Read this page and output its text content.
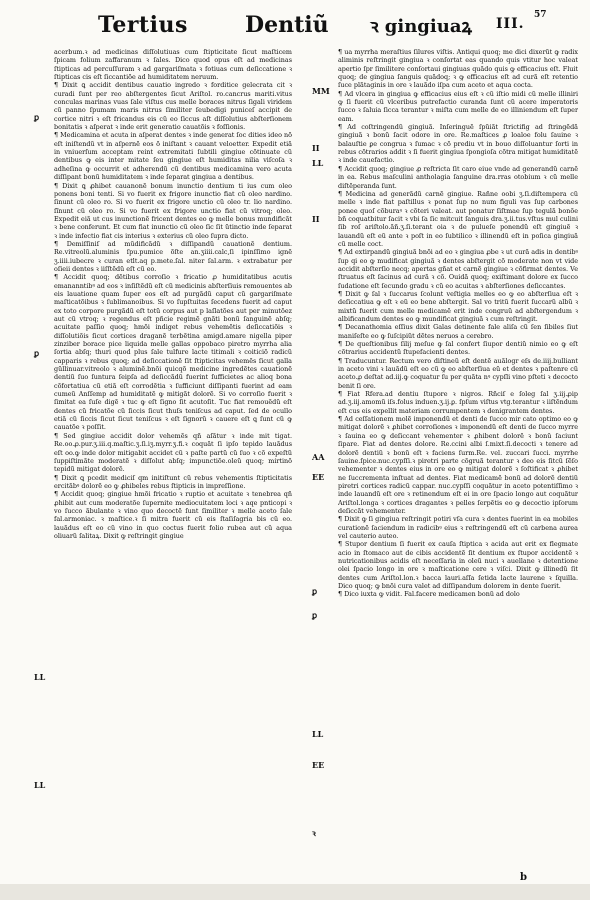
Tertius	Dentiũ ꝛ gingiuaꝝ III.
57
ꝑ
ꝑ
LL
LL
MM
II
LL
II
AA
EE
ꝑ
ꝑ
LL
EE
ꝛ

acerbum.ꝛ ad medicinas diſſolutiuas cum ſtipticitate ſicut maſticem ſpicam folium zaffaranum ꝛ ſales. Dico quod opus eſt ad medicinas ſtipticas ad percuſſuram ꝛ ad gargariſmata ꝛ fotiuas cum deſiccatione ꝛ ſtipticas cis eſt ſiccantiõe ad humiditatem neruum.

¶ Dixit ꝗ accidit dentibus cauatio ingredo ꝛ forditice gelecrata cit ꝛ curadi ſunt per reo abſtergentes ſicut Ariſtol. ro.cancrus mariti.vitus conculas marinas vuas ſale viſtus cus melle boraces nitrus ſigali viridem cũ panno ſpumam maris nitrus ſimiliter ſeubedigi puniceſ accipit de cortice nitri ꝛ eſt fricandus eis cũ eo ſiccus aſt diſſolutius abſterſionem bonitatis ꝛ aſperat ꝛ inde erit generatio cauatõis ꝛ foſſionis.

¶ Medicamina et acuta in aſperat dentes ꝛ inde generat ſoc dities ideo nõ eſt iniſtendũ vt in aſpernẽ eos õ iniſtant ꝛ cauant veloetter. Expedit etiã in vniuerſum acceptam reint extremitati ſubtili gingiue cõtinuate cũ dentibus ꝙ eis inter mitate ſeu gingiue eſt humiditas nilia viſcoſa ꝛ adheſina ꝙ occurrit et adherendũ cũ dentibus medicamina vero acuta diſſipant bonũ humiditatem ꝛ inde ſeparat gingiua a dentibus.

¶ Dixit ꝗ ꝓhibet cauanonẽ bonum inunctio dentium ti ius cum oleo ponens boni tenti. Si vo fuerit ex frigore inunctio fiat cũ oleo nardino. ſinunt cũ oleo ro. Si vo fuerit ex frigore unctio cũ oleo tr. lio nardino. ſĩnunt cũ oleo ro. Si vo fuerit ex frigore unctio fiat cũ vitroq; oleo. Expedit eiã ut cus inunctionẽ fricent dentes eo ꝙ melle bonus mundificãt ꝛ bene conferunt. Et cum fiat inunctio cũ oleo ſic ſit ũtinctio inde ſeparat ꝛ inde infectio fiat cis interius ꝛ exterius cũ oleo ſupra dicto.

¶ Demiſſiniſ ad mũdificãdũ ꝛ diſſipandũ cauationẽ dentium. Re.vitreolũ.aluminis ſpu.pumice õſte an.ʒiiii.calc,ſi ipinſſimo ignẽ ʒ.iiii.iubecre ꝛ curan etlt.aq p.mete.ſal. niter ſal.arm. ꝛ extrabatur per oſieii dentes ꝛ iiſſtẽdũ eſt cũ eo.

¶ Accidit quoq; dẽtibus corroſio ꝛ fricatio ꝓ humiditatibus acutis emananntibꝰ ad eos ꝛ inſiſtẽdũ eſt cũ medicinis abſterſiuis remouentes ab eis lauatione quam ſuper eos eſt ad purgãdũ caput cũ gargariſmate maſticatõibus ꝛ ſublimanoibus. Si vo ſupſtuitas ſecedens fuerit ad caput ex toto corpore purgãdũ eſt totũ corpus aut p laſlatões aut per minutõez aut cũ vtroq; ꝛ regendus eſt pñcie regimẽ gnãti bonũ ſanguinẽ abſq; acuitate paſſio quoq; hmõi indiget rebus vehemẽtis deſiccatiõis ꝛ diſſolutiõis ſicut cortices draganẽ terbẽtina amigd.amare nigella piper zinziber borace pice liquida melle gallas oppobaco piretro myrrha alia ſortia abſq; thuri quod plus ſale tulfure lacte titimali ꝛ coiticiõ radicũ capparis ꝛ rebus quoq; ad deſiccationẽ ſit ſtipticitas vehemẽs ſicut galla gũllinuar.vitreolo ꝛ aluminẽ.bnõi quicqõ medicine ingredẽtes cauationẽ dentiũ ſuo ſuntura ſeipſa ad deſiccãdũ fuerint ſufficietes ac alioq bona cõfortatiua cũ etiã eſt corrodẽtia ꝛ ſufficiunt diſſipanti fuerint ad eam cumeũ Anſſemp ad humiditatẽ ꝙ mitigãt dolorẽ. Si vo corroſio fuerit ꝛ ſimitat ea ſuſe digẽ ꝛ tuc ꝙ eſt ſigno ſit acutoſit. Tuc fiat remouẽdũ eſt dentes cũ fricatõe cũ ſiccis ſicut thuſs teniſcus ad caput. ſed de ocullo etiã cũ ſiccis ſicut ſicut teniſcus ꝛ eſt ſignorũ ꝛ cauere eſt ꝗ ſunt cũ ꝙ cauatõe ꝛ poſſit.

¶ Sed gingiue accidit dolor vehemẽs qñ aſãtur ꝛ inde mit tigat. Re.oo.ꝓ.pur.ʒ.iii.q.maſtic.ʒ.ſi.iʒ.myrr.ʒ.fi.ꝛ coquãt ſi ipſo tepido lauãdus eſt oo.ꝙ inde dolor mitigabit accidet cũ ꝛ paſte partũ cũ ſuo ꝛ cõ expeſtũ ſuppiſtimãte moderatẽ ꝛ diſſolut abſq; impunctiõe.oleũ quoq; mirtinõ tepidũ mitigat dolorẽ.

¶ Dixit ꝗ pcedit mediciſ qm initiſtunt cũ rebus vehementis ſtipticitatis ercitãbꝰ dolorẽ eo ꝙ ꝓhibeles rebus ſtipticis in impreſſione.

¶ Accidit quoq; gingiue hmõi fricatio ꝛ ruptio et acuitate ꝛ tenebrea qñ ꝓhibit aut cum moderatõe ſupernite mediocuitatem loci ꝛ aqe pnticopi ꝛ vo ſucco ãbulante ꝛ vino quo decoctẽ ſunt ſimiliter ꝛ melle aceto ſale fal.armoniac. ꝛ maſtice.ꝛ ſi mitra fuerit cũ eis ſtaſiſagria bis cũ eo. lauãdus eſt eo cũ vino in quo coctus fuerit folio rubea aut cũ aqua oliuarũ ſalitaꝝ. Dixit ꝙ reſtringit gingiue

¶ ua myrrha meraſtius ſilures viſtis. Antiqui quoq; me dici dixerũt ꝙ radix aliminis reſtringit gingiua ꝛ conſortat eas quando quis vtitur hoc valeat apertio ſpr ſimilitere conſortaui gingiuas quãdo quis ꝙ efficacius eſt. Fluit quoq; de gingiua ſanguis quãdoq; ꝛ ꝙ efficacius eſt ad curã eſt retentio ſuce plãtaginis in ore ꝛ lauãdo iſpa cum aceto et aqua cocta.

¶ Ad vlcera in gingiua ꝙ efficacius eius eſt ꝛ cũ iſtio midi cũ melle illiniri ꝙ ſi fuerit cũ vlceribus putrefactio curanda ſunt cũ acere imperatoris ſucco ꝛ ſaluia ſicca terantur ꝛ miſta cum melle de eo illiniendum eſt ſuper eam.

¶ Ad coſtringendũ gingiuã. Inſeringuẽ ſpũiãt ſtrictifig ad ſtringẽdã gingiuã ꝛ bonũ ſacit odore in ore. Re.maſtices ꝓ loaloe folu ſauine ꝛ balauſtie ꝑe congrua ꝛ ſumac ꝛ cõ prediu vt in bouo diſſoluantur ſorti in rebus cõtrarios addit ꝛ ſi fuerit gingiua ſpongioſa cõtra mitigat humiditatẽ ꝛ inde cauefactio.

¶ Accidit quoq; gingiue ꝓ reſtricta ſit caro eiue vnde ad generandũ carnẽ in ea. Rebus maſculini antholagia ſanguine dra.rras otobium ꝛ cũ melle diſtẽperanda ſunt.

¶ Medicina ad generãdũ carnẽ gingiue. Rañne oobi ʒ.ſi.diſtempera cũ melle ꝛ inde fiat paſtillus ꝛ ponat ſup no num figuli vas ſup carbones ponee quoſ cõburaꝰ ꝛ cõteri valeat. aut ponatur ſiſtmae ſup tegulã bonõe bñ coquatbitur ſacit ꝛ vbi ſa ſic mitcuit ſanguis dra.ʒ.ii.tus.vſtus mul culini ſib roſ ariſtolo.ãñ.ʒ.ſi.terant oia ꝛ de pulueſe ponendũ eſt gingiuẽ ꝛ lauandũ eſt eũ ante ꝛ poſt in eo ſubtilico ꝛ illinendũ eſt in poſica gingiuã cũ melle coct.

¶ Ad extirpandũ gingiuã bnõi ad eo ꝛ gingiua ꝓbe ꝛ ut curã adis in dentibꝰ ſup qi eo ꝙ mudificat gingiuã ꝛ dentes abſtergit cõ moderate non vt vide accidit abſterſio necq; apertas gñat et carnẽ gingiue ꝛ cõfirmat dentes. Ve ſtruatus eſt ſacinus ad curã ꝛ cõ. Ouidã quoq; exiſtimant dolore ex ſucco ſudatione eſt ſecundo gradu ꝛ cũ eo acuitas ꝛ abſterſiones deſiccantes.

¶ Dixit ꝙ ſal ꝛ ſuccarus ſcolunt veſtigia melles eo ꝙ eo abſterſiua eſt ꝛ deſiccatiua ꝙ eſt ꝛ eũ eo bene abſtergit. Sal vo tritũ fuerit ſuccarũ albũ ꝛ mixtũ fuerit cum melle medicamẽ erit inde congruũ ad abſtergendum ꝛ albificandum dentes eo ꝙ mundificat gingiuã ꝛ cum reſtringit.

¶ Decanathomia eſſius dixit Galas detinente fale aliſa cũ ſen ſibiles ſiut maniſeſte eo ꝙ ſuſcipiũt dẽtes neruos a cerebro.

¶ De queſtionibus ſilij meſue ꝙ ſal confert ſiupor dentiũ nimio eo ꝙ eſt cõtrarius accidentũ ſtupefacienti dentes.

¶ Traducuntur. Rectum vero diſtineũ eſt dentẽ auãlogr eſs de.iiij.bulliant in aceto vini ꝛ lauãdũ eſt eo cũ ꝙ eo abſterſiua eũ et dentes ꝛ paſtenre cũ aceto.ꝓ deſtat ad.iij.ꝙ coquatur ſu per quãta nꝰ cypſli vino pſteti ꝛ decocto benit ſi ore.

¶ Fiat Rfera.ad dentiu ſtupore ꝛ nigros. Rñciſ e ſoleg ſal ʒ.iij.ꝓip ad.ʒ.iij.amomũ iſs.folus induen.ʒ.ij.ꝑ. ſpſum viſtus vtg.terantur ꝛ iiſtẽndum eſt cus eis expellit materiam corrumpentem ꝛ denigrantem dentes.

¶ Ad ceſſationem molẽ imponendũ et denti de ſucco mir cato optimo eo ꝙ mitigat dolorẽ ꝛ ꝓhibet corroſiones ꝛ imponendũ eſt denti de ſucco myrre ꝛ ſauina eo ꝙ deſiccant vehementer ꝛ ꝓhibent dolorẽ ꝛ bonũ ſaciunt ſipare. Fiat ad dentes dolore. Re.ccini albi ſ.mixt.ſi.decocti ꝛ tenere ad dolorẽ dentiũ ꝛ bonũ eſt ꝛ faciens ſurm.Re. vel. zuccari ſucci. myrrhe ſauine.ſpice.nuc.cypſſi.ꝛ piretri parte cõgruã terantur ꝛ deo eis ſitcũ ſẽſo vehementer ꝛ dentes eius in ore eo ꝙ mitigat dolorẽ ꝛ ſoſtificat ꝛ ꝓhibet ne ſuccrementa inſtuat ad dentes. Fiat medicamẽ bonũ ad dolorẽ dentiũ piretri cortices radicũ cappar. nuc.cypſſi coquãtur in aceto potentiſſimo ꝛ inde lauandũ eſt ore ꝛ retinendum eſt ei in ore ſpacio longo aut coquãtur Ariſtol.longa ꝛ cortices dragantes ꝛ pelles ſerpẽtis eo ꝙ decoctio ipſorum deſiccãt vehementer.

¶ Dixit ꝙ ſi gingiua reſtringit potiri vſa cura ꝛ dentes fuerint in ea mobiles curationẽ ſaciendum in radicibꝰ eius ꝛ reſtringendũ eſt cũ carbena aurea vel cauterio auteo.

¶ Stupor dentium ſi fuerit ex cauſa ſtiptica ꝛ acida aut erit ex flegmate acio in ſtomaco aut de cibis accidentẽ ſit dentium ex ſtupor accidentẽ ꝛ nutricationibus acidis eſt neceſſaria in oleũ nuci ꝛ auellane ꝛ detentione olei ſpacio longo in ore ꝛ maſticatione cere ꝛ viſci. Dixit ꝙ illinedũ ſit dentes cum Ariſtol.lon.ꝛ bacca lauri.aſſa ſetida lacte laurene ꝛ ſquilla. Dico quoq; ꝙ bnõi cura valet ad diſſipandum dolorem in dente ſuerit.

¶ Dico iuxta ꝙ vidit. Fal.facere medicamen bonũ ad dolo

b
